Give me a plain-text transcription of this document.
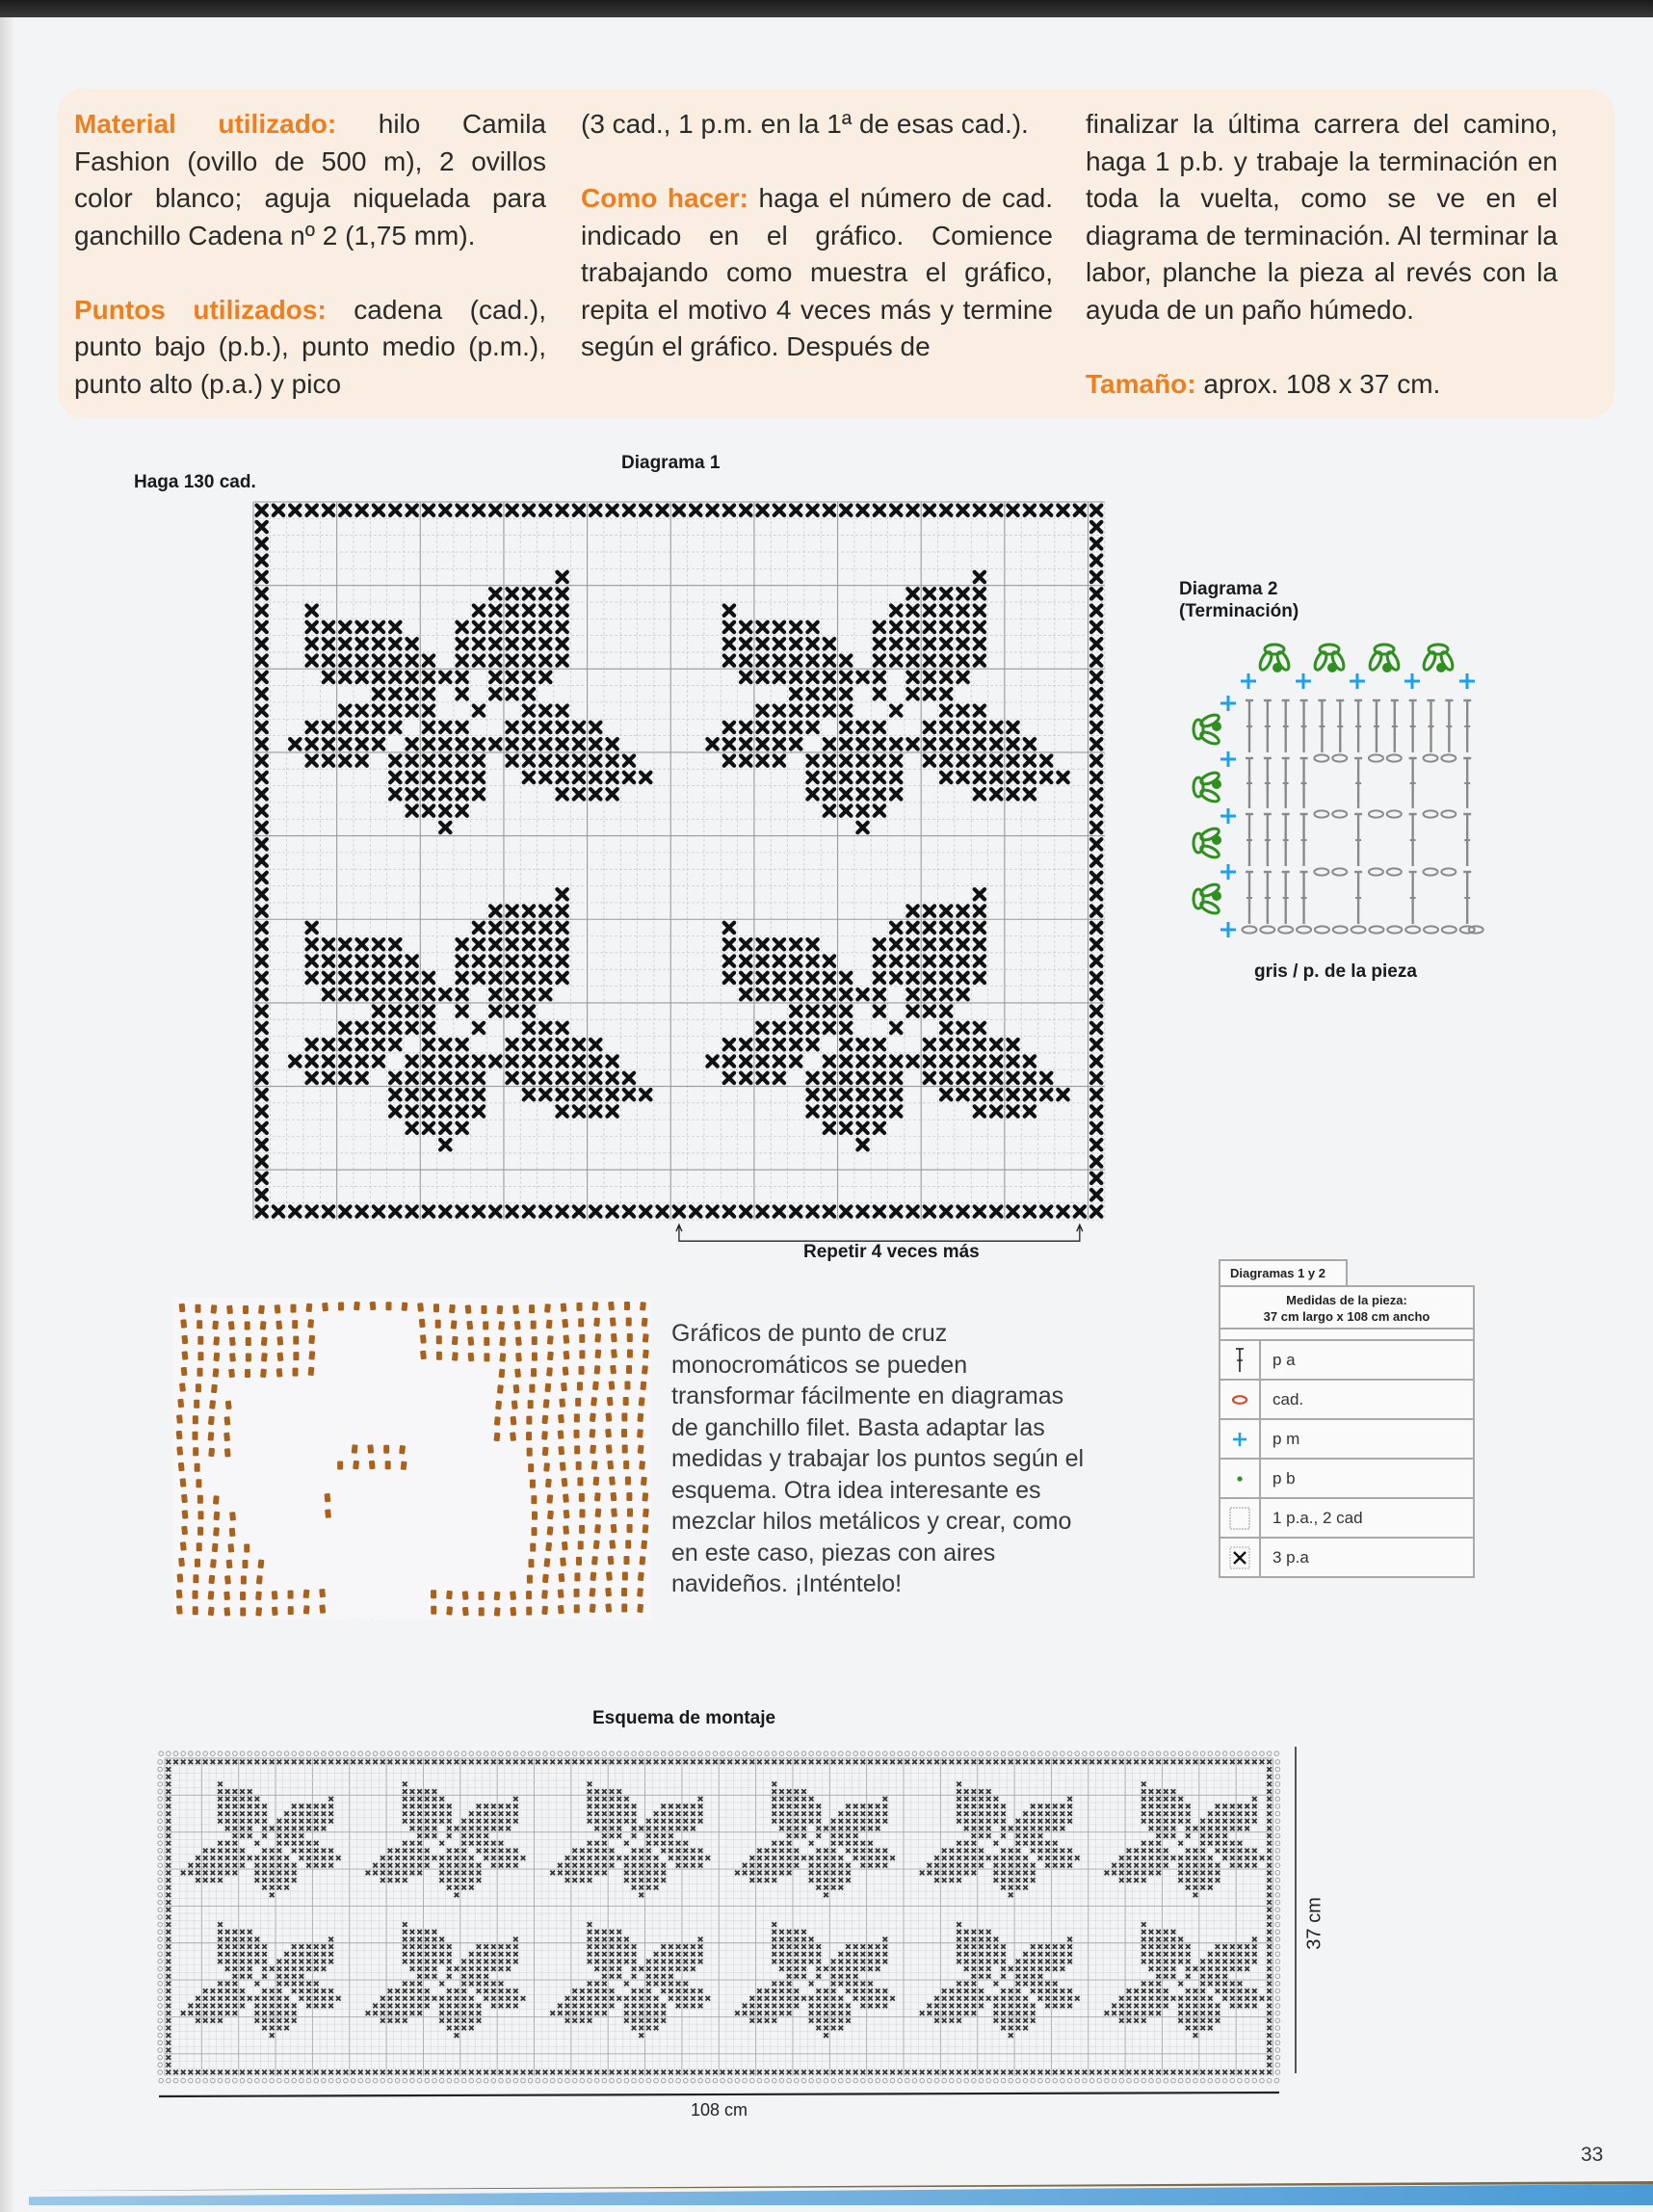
Material utilizado: hilo Camila Fashion (ovillo de 500 m), 2 ovillos color blanco; aguja niquelada para ganchillo Cadena nº 2 (1,75 mm).

Puntos utilizados: cadena (cad.), punto bajo (p.b.), punto medio (p.m.), punto alto (p.a.) y pico

(3 cad., 1 p.m. en la 1ª de esas cad.).

Como hacer: haga el número de cad. indicado en el gráfico. Comience trabajando como muestra el gráfico, repita el motivo 4 veces más y termine según el gráfico. Después de

finalizar la última carrera del camino, haga 1 p.b. y trabaje la terminación en toda la vuelta, como se ve en el diagrama de terminación. Al terminar la labor, planche la pieza al revés con la ayuda de un paño húmedo.

Tamaño: aprox. 108 x 37 cm.

Diagrama 1
Haga 130 cad.
Repetir 4 veces más
Diagrama 2
(Terminación)
gris / p. de la pieza
Gráficos de punto de cruz monocromáticos se pueden transformar fácilmente en diagramas de ganchillo filet. Basta adaptar las medidas y trabajar los puntos según el esquema. Otra idea interesante es mezclar hilos metálicos y crear, como en este caso, piezas con aires navideños. ¡Inténtelo!
Diagramas 1 y 2
Medidas de la pieza:
37 cm largo x 108 cm ancho
p a
cad.
p m
p b
1 p.a., 2 cad
3 p.a
Esquema de montaje
37 cm
108 cm
33
